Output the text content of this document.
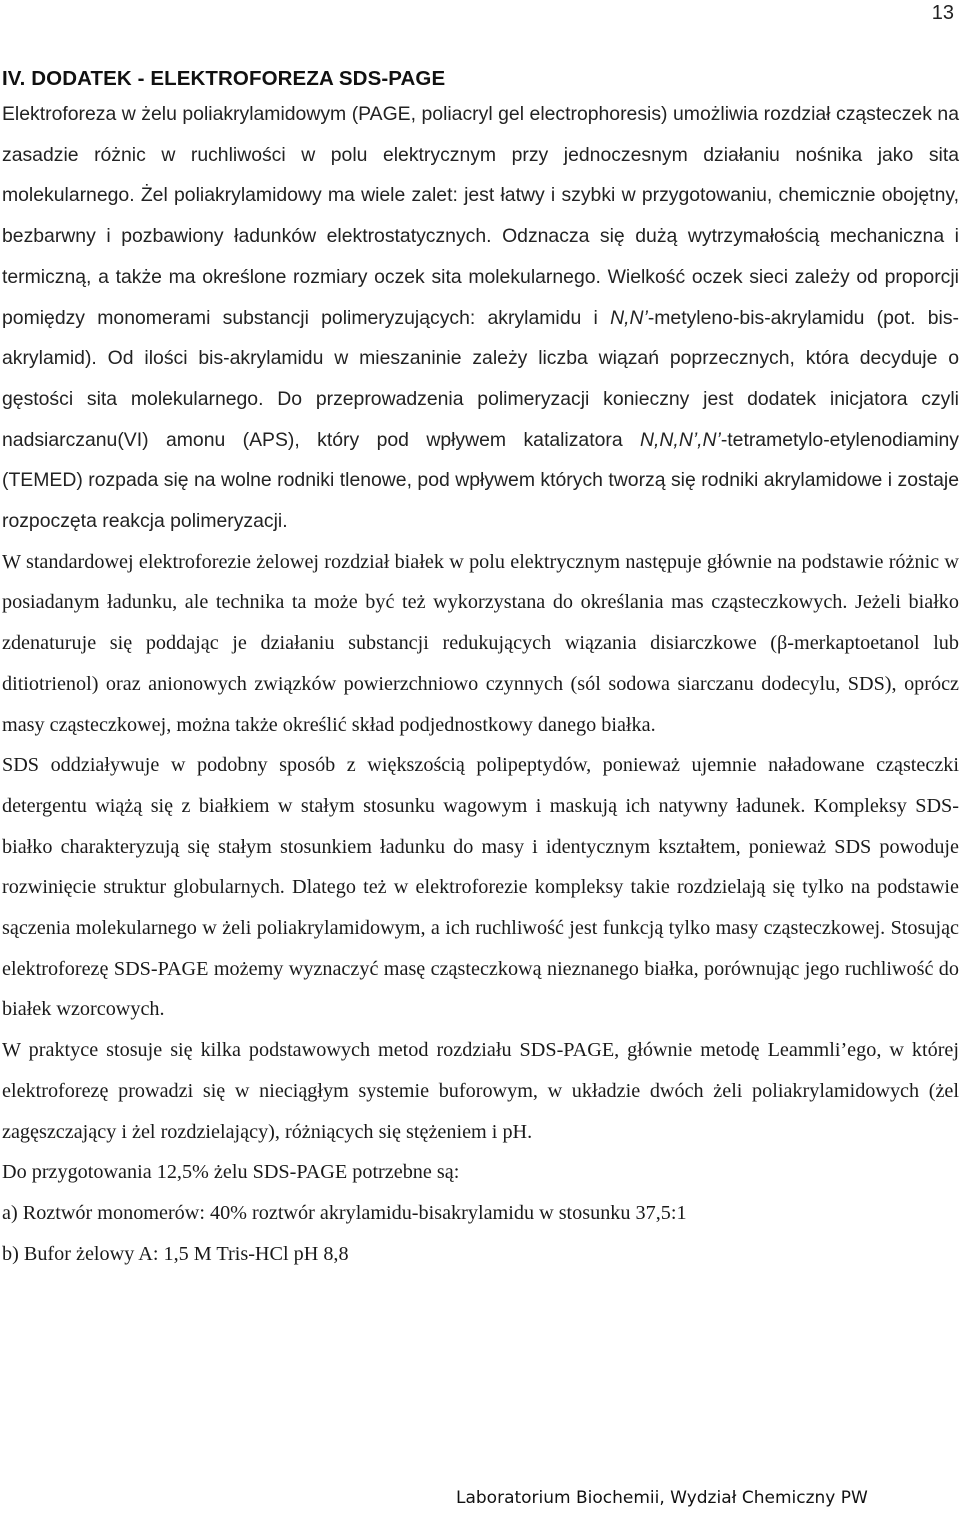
13
IV. DODATEK - ELEKTROFOREZA SDS-PAGE

Elektroforeza w żelu poliakrylamidowym (PAGE, poliacryl gel electrophoresis) umożliwia rozdział cząsteczek na zasadzie różnic w ruchliwości w polu elektrycznym przy jednoczesnym działaniu nośnika jako sita molekularnego. Żel poliakrylamidowy ma wiele zalet: jest łatwy i szybki w przygotowaniu, chemicznie obojętny, bezbarwny i pozbawiony ładunków elektrostatycznych. Odznacza się dużą wytrzymałością mechaniczna i termiczną, a także ma określone rozmiary oczek sita molekularnego. Wielkość oczek sieci zależy od proporcji pomiędzy monomerami substancji polimeryzujących: akrylamidu i N,N’-metyleno-bis-akrylamidu (pot. bis-akrylamid). Od ilości bis-akrylamidu w mieszaninie zależy liczba wiązań poprzecznych, która decyduje o gęstości sita molekularnego. Do przeprowadzenia polimeryzacji konieczny jest dodatek inicjatora czyli nadsiarczanu(VI) amonu (APS), który pod wpływem katalizatora N,N,N’,N’-tetrametylo-etylenodiaminy (TEMED) rozpada się na wolne rodniki tlenowe, pod wpływem których tworzą się rodniki akrylamidowe i zostaje rozpoczęta reakcja polimeryzacji.

W standardowej elektroforezie żelowej rozdział białek w polu elektrycznym następuje głównie na podstawie różnic w posiadanym ładunku, ale technika ta może być też wykorzystana do określania mas cząsteczkowych. Jeżeli białko zdenaturuje się poddając je działaniu substancji redukujących wiązania disiarczkowe (β-merkaptoetanol lub ditiotrienol) oraz anionowych związków powierzchniowo czynnych (sól sodowa siarczanu dodecylu, SDS), oprócz masy cząsteczkowej, można także określić skład podjednostkowy danego białka.

SDS oddziaływuje w podobny sposób z większością polipeptydów, ponieważ ujemnie naładowane cząsteczki detergentu wiążą się z białkiem w stałym stosunku wagowym i maskują ich natywny ładunek. Kompleksy SDS-białko charakteryzują się stałym stosunkiem ładunku do masy i identycznym kształtem, ponieważ SDS powoduje rozwinięcie struktur globularnych. Dlatego też w elektroforezie kompleksy takie rozdzielają się tylko na podstawie sączenia molekularnego w żeli poliakrylamidowym, a ich ruchliwość jest funkcją tylko masy cząsteczkowej. Stosując elektroforezę SDS-PAGE możemy wyznaczyć masę cząsteczkową nieznanego białka, porównując jego ruchliwość do białek wzorcowych.

W praktyce stosuje się kilka podstawowych metod rozdziału SDS-PAGE, głównie metodę Leammli’ego, w której elektroforezę prowadzi się w nieciągłym systemie buforowym, w układzie dwóch żeli poliakrylamidowych (żel zagęszczający i żel rozdzielający), różniących się stężeniem i pH.

Do przygotowania 12,5% żelu SDS-PAGE potrzebne są:

a) Roztwór monomerów: 40% roztwór akrylamidu-bisakrylamidu w stosunku 37,5:1

b) Bufor żelowy A: 1,5 M Tris-HCl pH 8,8

Laboratorium Biochemii, Wydział Chemiczny PW
